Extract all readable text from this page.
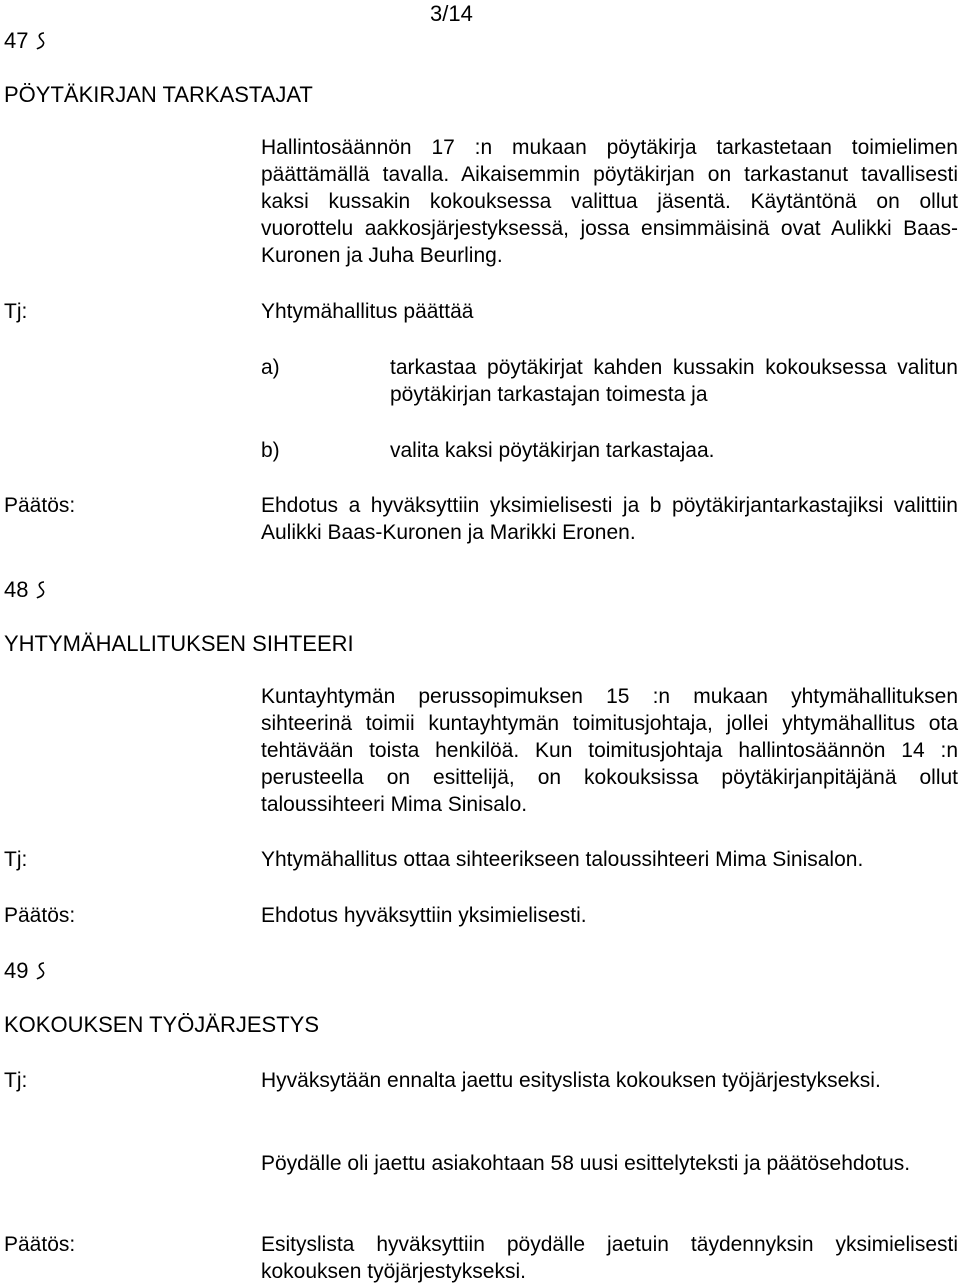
3/14
47
PÖYTÄKIRJAN TARKASTAJAT
Hallintosäännön 17 :n mukaan pöytäkirja tarkastetaan toimielimen päättämällä tavalla. Aikaisemmin pöytäkirjan on tarkastanut tavallisesti kaksi kussakin kokouksessa valittua jäsentä. Käytäntönä on ollut vuorottelu aakkosjärjestyksessä, jossa ensimmäisinä ovat Aulikki Baas-Kuronen ja Juha Beurling.
Tj:	Yhtymähallitus päättää
a)	tarkastaa pöytäkirjat kahden kussakin kokouksessa valitun pöytäkirjan tarkastajan toimesta ja
b)	valita kaksi pöytäkirjan tarkastajaa.
Päätös:	Ehdotus a hyväksyttiin yksimielisesti ja b pöytäkirjantarkastajiksi valittiin Aulikki Baas-Kuronen ja Marikki Eronen.
48
YHTYMÄHALLITUKSEN SIHTEERI
Kuntayhtymän perussopimuksen 15 :n mukaan yhtymähallituksen sihteerinä toimii kuntayhtymän toimitusjohtaja, jollei yhtymähallitus ota tehtävään toista henkilöä. Kun toimitusjohtaja hallintosäännön 14 :n perusteella on esittelijä, on kokouksissa pöytäkirjanpitäjänä ollut taloussihteeri Mima Sinisalo.
Tj:	Yhtymähallitus ottaa sihteerikseen taloussihteeri Mima Sinisalon.
Päätös:	Ehdotus hyväksyttiin yksimielisesti.
49
KOKOUKSEN TYÖJÄRJESTYS
Tj:	Hyväksytään ennalta jaettu esityslista kokouksen työjärjestykseksi.
Pöydälle oli jaettu asiakohtaan 58 uusi esittelyteksti ja päätösehdotus.
Päätös:	Esityslista hyväksyttiin pöydälle jaetuin täydennyksin yksimielisesti kokouksen työjärjestykseksi.
